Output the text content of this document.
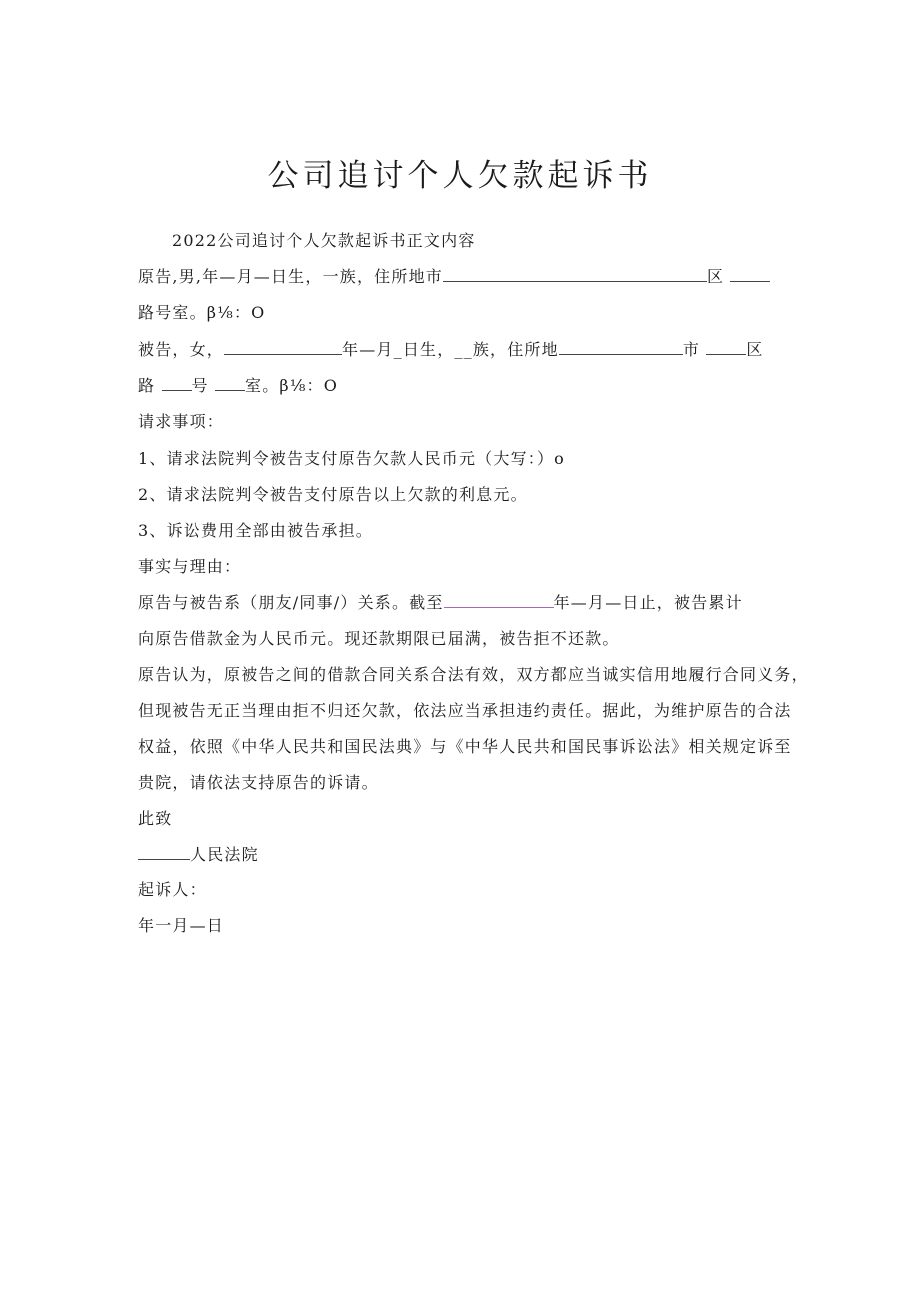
公司追讨个人欠款起诉书
2022公司追讨个人欠款起诉书正文内容
原告,男,年—月—日生，一族，住所地市	区
路号室。β⅛：O
被告，女，	年—月_日生，__族，住所地	市	区
路 号 室。β⅛：O
请求事项：
1、请求法院判令被告支付原告欠款人民币元（大写：）o
2、请求法院判令被告支付原告以上欠款的利息元。
3、诉讼费用全部由被告承担。
事实与理由：
原告与被告系（朋友/同事/）关系。截至	年—月—日止，被告累计
向原告借款金为人民币元。现还款期限已届满，被告拒不还款。
原告认为，原被告之间的借款合同关系合法有效，双方都应当诚实信用地履行合同义务，
但现被告无正当理由拒不归还欠款，依法应当承担违约责任。据此，为维护原告的合法
权益，依照《中华人民共和国民法典》与《中华人民共和国民事诉讼法》相关规定诉至
贵院，请依法支持原告的诉请。
此致
人民法院
起诉人：
年一月—日
